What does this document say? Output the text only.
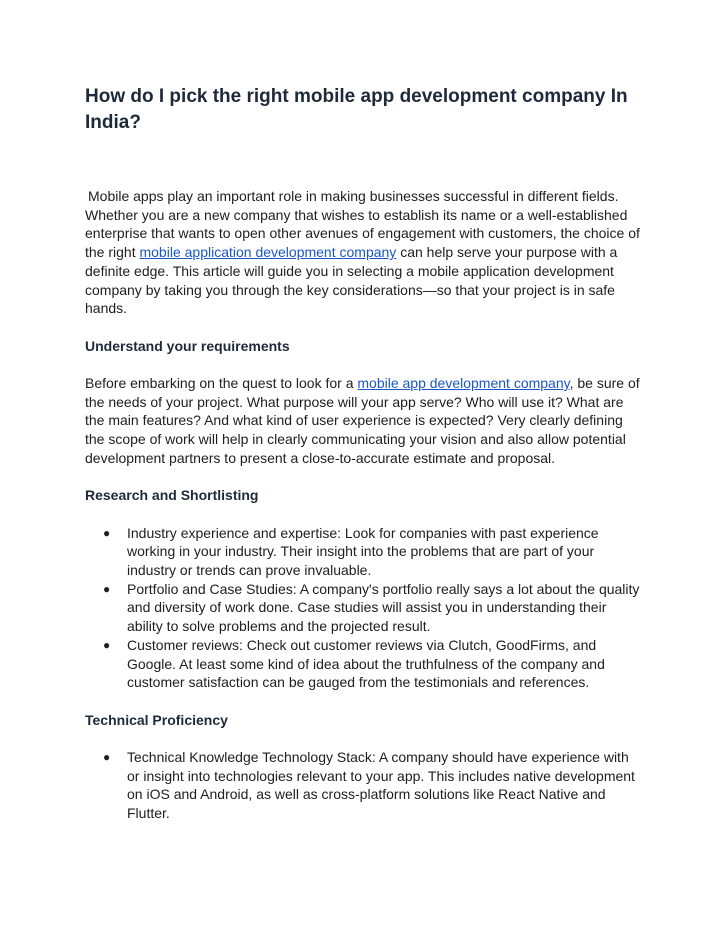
How do I pick the right mobile app development company In India?

Mobile apps play an important role in making businesses successful in different fields. Whether you are a new company that wishes to establish its name or a well-established enterprise that wants to open other avenues of engagement with customers, the choice of the right mobile application development company can help serve your purpose with a definite edge. This article will guide you in selecting a mobile application development company by taking you through the key considerations—so that your project is in safe hands.

Understand your requirements

Before embarking on the quest to look for a mobile app development company, be sure of the needs of your project. What purpose will your app serve? Who will use it? What are the main features? And what kind of user experience is expected? Very clearly defining the scope of work will help in clearly communicating your vision and also allow potential development partners to present a close-to-accurate estimate and proposal.

Research and Shortlisting
● Industry experience and expertise: Look for companies with past experience working in your industry. Their insight into the problems that are part of your industry or trends can prove invaluable.
● Portfolio and Case Studies: A company's portfolio really says a lot about the quality and diversity of work done. Case studies will assist you in understanding their ability to solve problems and the projected result.
● Customer reviews: Check out customer reviews via Clutch, GoodFirms, and Google. At least some kind of idea about the truthfulness of the company and customer satisfaction can be gauged from the testimonials and references.
Technical Proficiency
● Technical Knowledge Technology Stack: A company should have experience with or insight into technologies relevant to your app. This includes native development on iOS and Android, as well as cross-platform solutions like React Native and Flutter.
